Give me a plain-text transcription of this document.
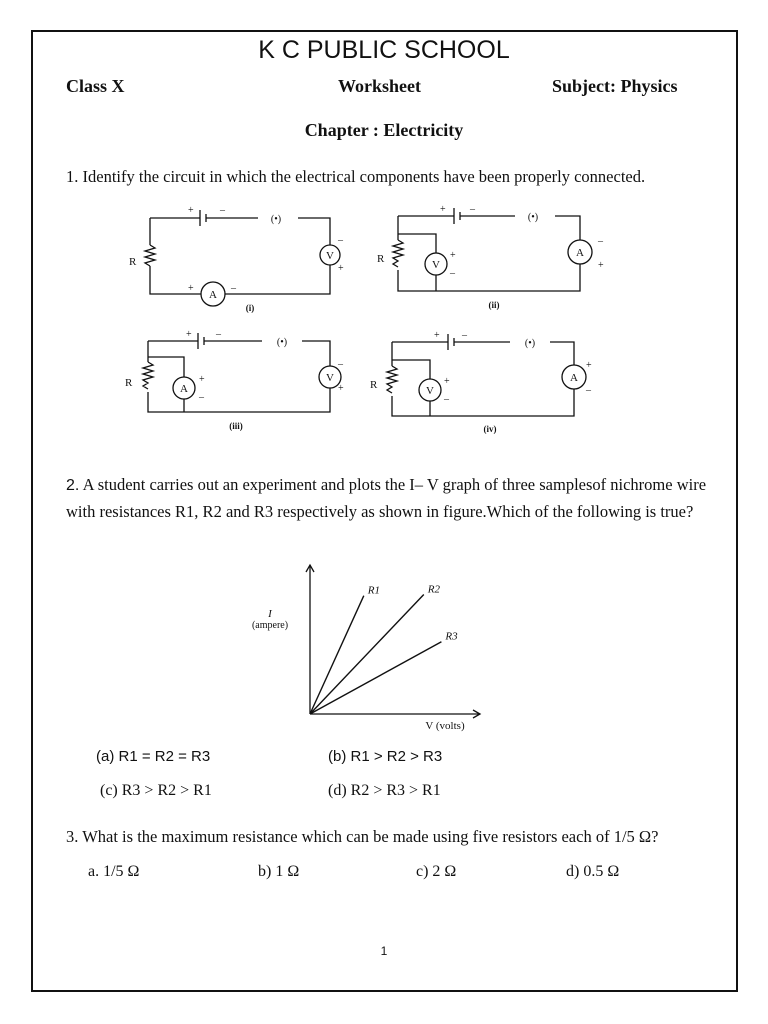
K C PUBLIC SCHOOL
Class X	Worksheet	Subject: Physics
Chapter : Electricity
1. Identify the circuit in which the electrical components have been properly connected.
(•)
R	V
A
+	–
–
+
+	–
(i)
(•)
R	V
A
+ –
+
–
–
+
(ii)
(•)
R	A
V
+ –
+
–
–
+
(iii)
(•)
R	V
A
+ –
+
–
+
–
(iv)
2. A student carries out an experiment and plots the I– V graph of three samplesof nichrome wire with resistances R1, R2 and R3 respectively as shown in figure.Which of the following is true?
R1	R2
R3
I
(ampere)
V (volts)
(a) R1 = R2 = R3	(b) R1 > R2 > R3
(c) R3 > R2 > R1	(d) R2 > R3 > R1
3. What is the maximum resistance which can be made using five resistors each of 1/5 Ω?
a. 1/5 Ω	b) 1 Ω	c) 2 Ω	d) 0.5 Ω
1
